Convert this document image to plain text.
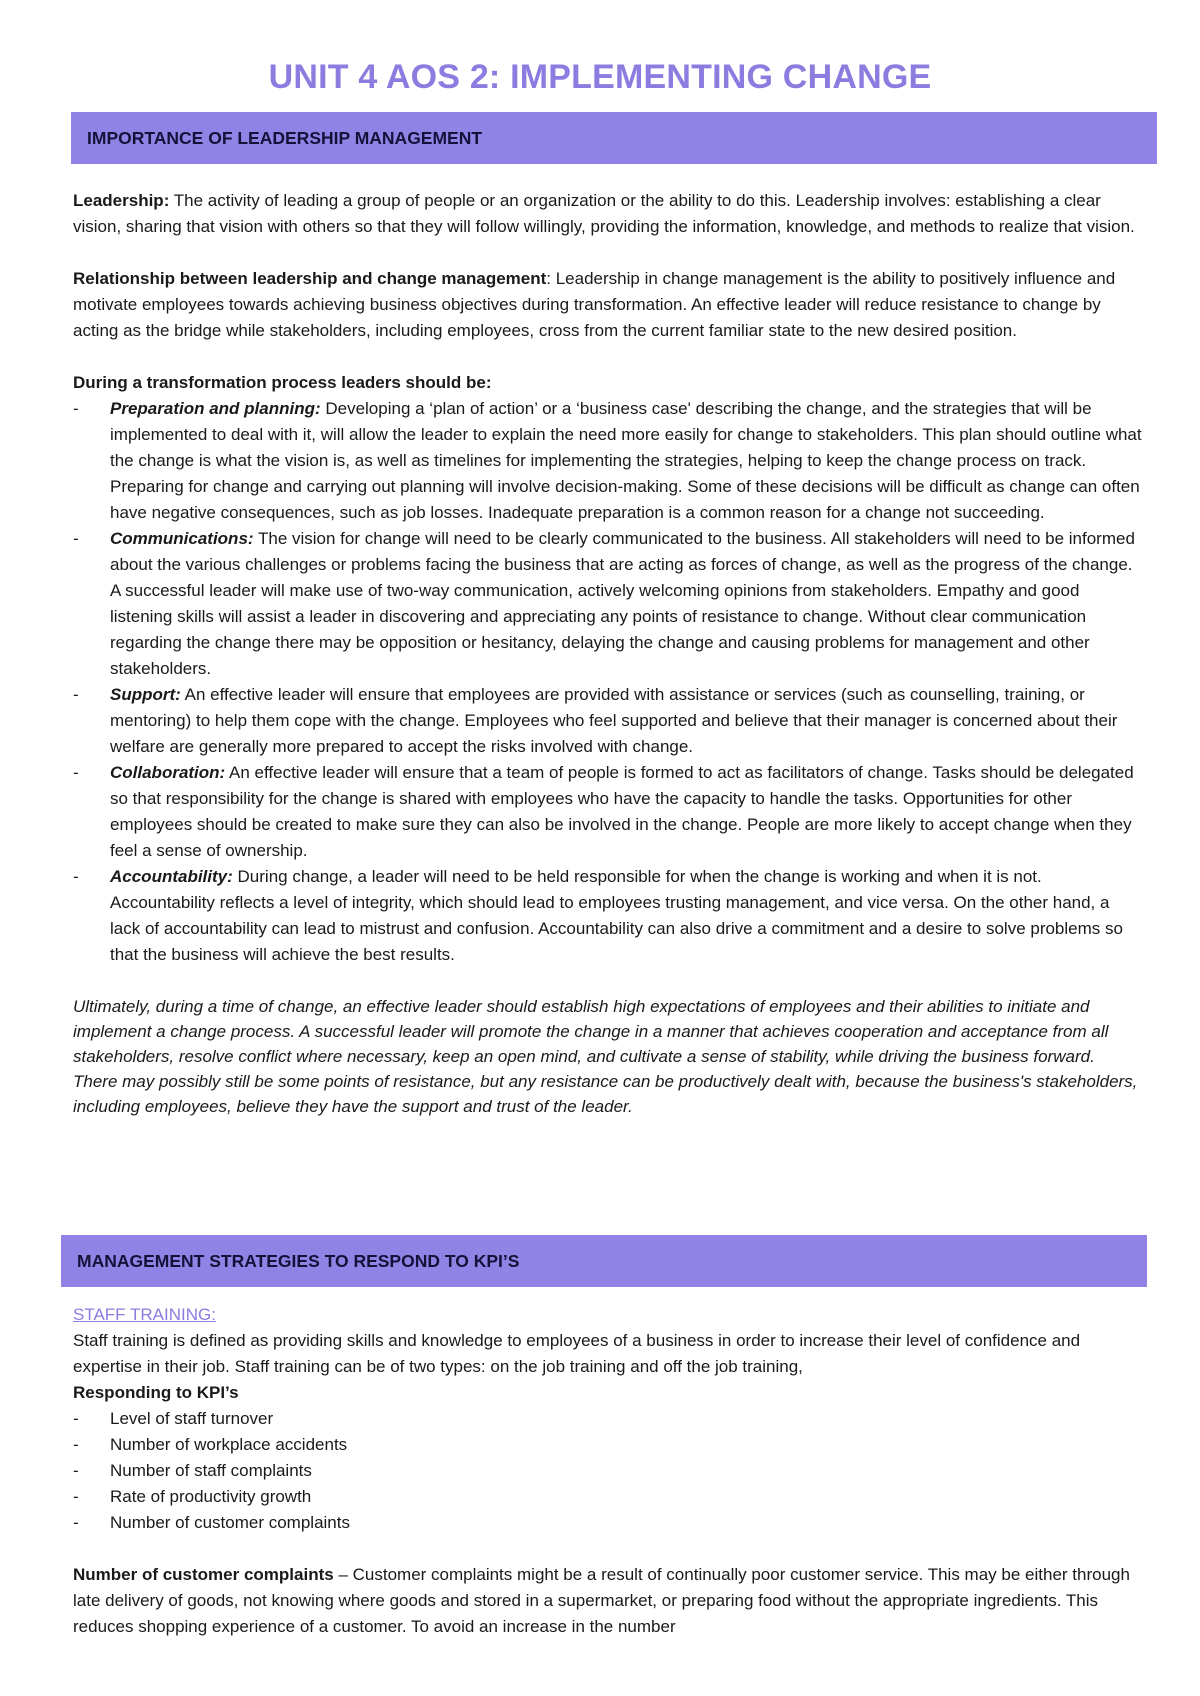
UNIT 4 AOS 2: IMPLEMENTING CHANGE
IMPORTANCE OF LEADERSHIP MANAGEMENT

Leadership: The activity of leading a group of people or an organization or the ability to do this. Leadership involves: establishing a clear vision, sharing that vision with others so that they will follow willingly, providing the information, knowledge, and methods to realize that vision.

Relationship between leadership and change management: Leadership in change management is the ability to positively influence and motivate employees towards achieving business objectives during transformation. An effective leader will reduce resistance to change by acting as the bridge while stakeholders, including employees, cross from the current familiar state to the new desired position.

During a transformation process leaders should be:

-	Preparation and planning: Developing a ‘plan of action’ or a ‘business case' describing the change, and the strategies that will be implemented to deal with it, will allow the leader to explain the need more easily for change to stakeholders. This plan should outline what the change is what the vision is, as well as timelines for implementing the strategies, helping to keep the change process on track. Preparing for change and carrying out planning will involve decision-making. Some of these decisions will be difficult as change can often have negative consequences, such as job losses. Inadequate preparation is a common reason for a change not succeeding.
-	Communications: The vision for change will need to be clearly communicated to the business. All stakeholders will need to be informed about the various challenges or problems facing the business that are acting as forces of change, as well as the progress of the change. A successful leader will make use of two-way communication, actively welcoming opinions from stakeholders. Empathy and good listening skills will assist a leader in discovering and appreciating any points of resistance to change. Without clear communication regarding the change there may be opposition or hesitancy, delaying the change and causing problems for management and other stakeholders.
-	Support: An effective leader will ensure that employees are provided with assistance or services (such as counselling, training, or mentoring) to help them cope with the change. Employees who feel supported and believe that their manager is concerned about their welfare are generally more prepared to accept the risks involved with change.
-	Collaboration: An effective leader will ensure that a team of people is formed to act as facilitators of change. Tasks should be delegated so that responsibility for the change is shared with employees who have the capacity to handle the tasks. Opportunities for other employees should be created to make sure they can also be involved in the change. People are more likely to accept change when they feel a sense of ownership.
-	Accountability: During change, a leader will need to be held responsible for when the change is working and when it is not. Accountability reflects a level of integrity, which should lead to employees trusting management, and vice versa. On the other hand, a lack of accountability can lead to mistrust and confusion. Accountability can also drive a commitment and a desire to solve problems so that the business will achieve the best results.

Ultimately, during a time of change, an effective leader should establish high expectations of employees and their abilities to initiate and implement a change process. A successful leader will promote the change in a manner that achieves cooperation and acceptance from all stakeholders, resolve conflict where necessary, keep an open mind, and cultivate a sense of stability, while driving the business forward. There may possibly still be some points of resistance, but any resistance can be productively dealt with, because the business's stakeholders, including employees, believe they have the support and trust of the leader.

MANAGEMENT STRATEGIES TO RESPOND TO KPI’S

STAFF TRAINING:

Staff training is defined as providing skills and knowledge to employees of a business in order to increase their level of confidence and expertise in their job. Staff training can be of two types: on the job training and off the job training,

Responding to KPI’s

-	Level of staff turnover
-	Number of workplace accidents
-	Number of staff complaints
-	Rate of productivity growth
-	Number of customer complaints

Number of customer complaints – Customer complaints might be a result of continually poor customer service. This may be either through late delivery of goods, not knowing where goods and stored in a supermarket, or preparing food without the appropriate ingredients. This reduces shopping experience of a customer. To avoid an increase in the number
